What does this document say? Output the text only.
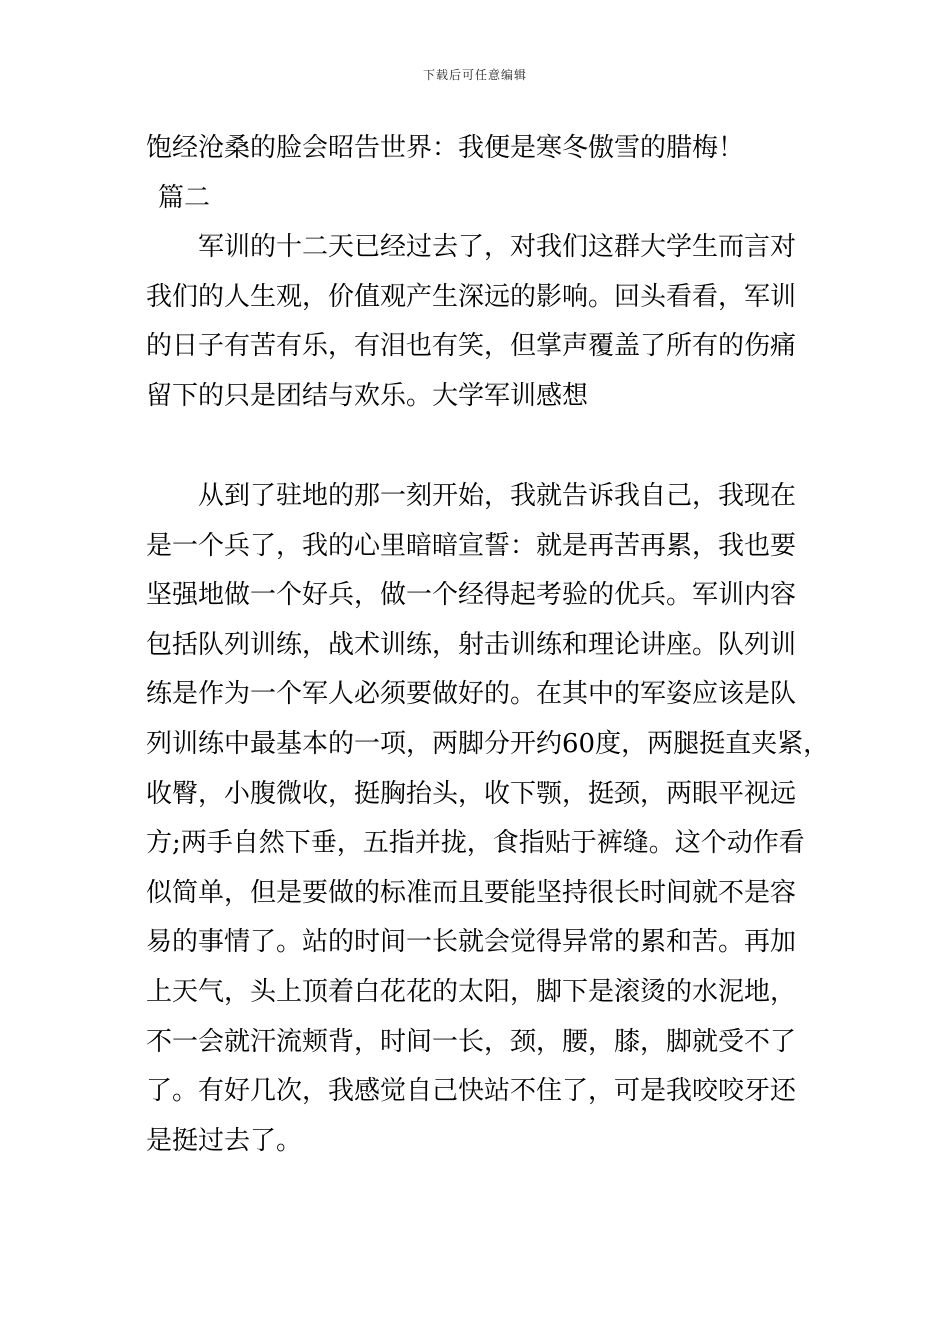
下载后可任意编辑
饱经沧桑的脸会昭告世界：我便是寒冬傲雪的腊梅！
篇二
军训的十二天已经过去了，对我们这群大学生而言对
我们的人生观，价值观产生深远的影响。回头看看，军训
的日子有苦有乐，有泪也有笑，但掌声覆盖了所有的伤痛
留下的只是团结与欢乐。大学军训感想
从到了驻地的那一刻开始，我就告诉我自己，我现在
是一个兵了，我的心里暗暗宣誓：就是再苦再累，我也要
坚强地做一个好兵，做一个经得起考验的优兵。军训内容
包括队列训练，战术训练，射击训练和理论讲座。队列训
练是作为一个军人必须要做好的。在其中的军姿应该是队
列训练中最基本的一项，两脚分开约60度，两腿挺直夹紧，
收臀，小腹微收，挺胸抬头，收下颚，挺颈，两眼平视远
方;两手自然下垂，五指并拢，食指贴于裤缝。这个动作看
似简单，但是要做的标准而且要能坚持很长时间就不是容
易的事情了。站的时间一长就会觉得异常的累和苦。再加
上天气，头上顶着白花花的太阳，脚下是滚烫的水泥地，
不一会就汗流颊背，时间一长，颈，腰，膝，脚就受不了
了。有好几次，我感觉自己快站不住了，可是我咬咬牙还
是挺过去了。
